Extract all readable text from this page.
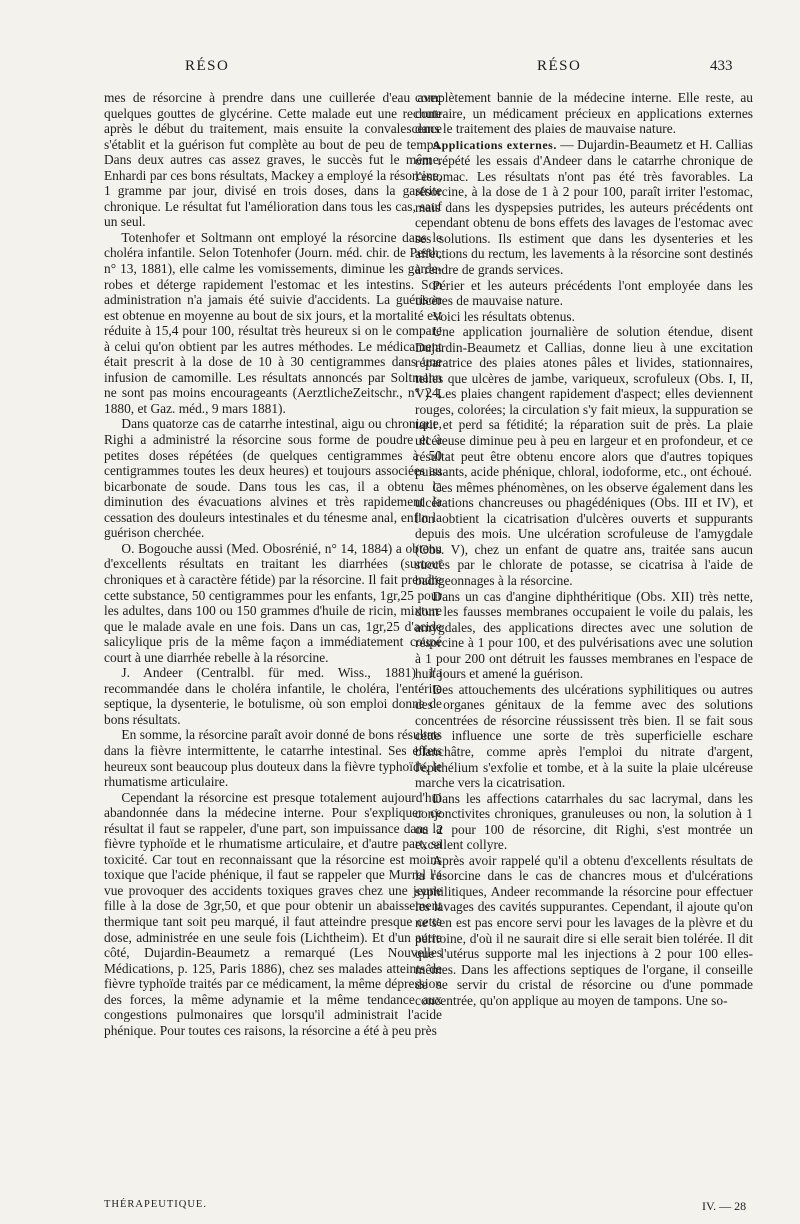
RÉSO	RÉSO	433

mes de résorcine à prendre dans une cuillerée d'eau avec quelques gouttes de glycérine. Cette malade eut une rechute après le début du traitement, mais ensuite la convalescence s'établit et la guérison fut complète au bout de peu de temps. Dans deux autres cas assez graves, le succès fut le même. Enhardi par ces bons résultats, Mackey a employé la résorcine, 1 gramme par jour, divisé en trois doses, dans la gastrite chronique. Le résultat fut l'amélioration dans tous les cas, sauf un seul.

Totenhofer et Soltmann ont employé la résorcine dans le choléra infantile. Selon Totenhofer (Journ. méd. chir. de Pesth, n° 13, 1881), elle calme les vomissements, diminue les garde-robes et déterge rapidement l'estomac et les intestins. Son administration n'a jamais été suivie d'accidents. La guérison est obtenue en moyenne au bout de six jours, et la mortalité est réduite à 15,4 pour 100, résultat très heureux si on le compare à celui qu'on obtient par les autres méthodes. Le médicament était prescrit à la dose de 10 à 30 centigrammes dans une infusion de camomille. Les résultats annoncés par Soltmann ne sont pas moins encourageants (AerztlicheZeitschr., n° 24, 1880, et Gaz. méd., 9 mars 1881).

Dans quatorze cas de catarrhe intestinal, aigu ou chronique, Righi a administré la résorcine sous forme de poudre et à petites doses répétées (de quelques centigrammes à 50 centigrammes toutes les deux heures) et toujours associées au bicarbonate de soude. Dans tous les cas, il a obtenu la diminution des évacuations alvines et très rapidement la cessation des douleurs intestinales et du ténesme anal, enfin la guérison cherchée.

O. Bogouche aussi (Med. Obosrénié, n° 14, 1884) a obtenu d'excellents résultats en traitant les diarrhées (surtout chroniques et à caractère fétide) par la résorcine. Il fait prendre cette substance, 50 centigrammes pour les enfants, 1gr,25 pour les adultes, dans 100 ou 150 grammes d'huile de ricin, mixture que le malade avale en une fois. Dans un cas, 1gr,25 d'acide salicylique pris de la même façon a immédiatement coupé court à une diarrhée rebelle à la résorcine.

J. Andeer (Centralbl. für med. Wiss., 1881) l'a recommandée dans le choléra infantile, le choléra, l'entérite septique, la dysenterie, le botulisme, où son emploi donne de bons résultats.

En somme, la résorcine paraît avoir donné de bons résultats dans la fièvre intermittente, le catarrhe intestinal. Ses effets heureux sont beaucoup plus douteux dans la fièvre typhoïde, le rhumatisme articulaire.

Cependant la résorcine est presque totalement aujourd'hui abandonnée dans la médecine interne. Pour s'expliquer ce résultat il faut se rappeler, d'une part, son impuissance dans la fièvre typhoïde et le rhumatisme articulaire, et d'autre part, sa toxicité. Car tout en reconnaissant que la résorcine est moins toxique que l'acide phénique, il faut se rappeler que Murrel l'a vue provoquer des accidents toxiques graves chez une jeune fille à la dose de 3gr,50, et que pour obtenir un abaissement thermique tant soit peu marqué, il faut atteindre presque cette dose, administrée en une seule fois (Lichtheim). Et d'un autre côté, Dujardin-Beaumetz a remarqué (Les Nouvelles Médications, p. 125, Paris 1886), chez ses malades atteints de fièvre typhoïde traités par ce médicament, la même dépression des forces, la même adynamie et la même tendance aux congestions pulmonaires que lorsqu'il administrait l'acide phénique. Pour toutes ces raisons, la résorcine a été à peu près

complètement bannie de la médecine interne. Elle reste, au contraire, un médicament précieux en applications externes dans le traitement des plaies de mauvaise nature.

Applications externes. — Dujardin-Beaumetz et H. Callias ont répété les essais d'Andeer dans le catarrhe chronique de l'estomac. Les résultats n'ont pas été très favorables. La résorcine, à la dose de 1 à 2 pour 100, paraît irriter l'estomac, mais dans les dyspepsies putrides, les auteurs précédents ont cependant obtenu de bons effets des lavages de l'estomac avec ses solutions. Ils estiment que dans les dysenteries et les affections du rectum, les lavements à la résorcine sont destinés à rendre de grands services.

Périer et les auteurs précédents l'ont employée dans les ulcères de mauvaise nature.

Voici les résultats obtenus.

Une application journalière de solution étendue, disent Dujardin-Beaumetz et Callias, donne lieu à une excitation réparatrice des plaies atones pâles et livides, stationnaires, telles que ulcères de jambe, variqueux, scrofuleux (Obs. I, II, V). Les plaies changent rapidement d'aspect; elles deviennent rouges, colorées; la circulation s'y fait mieux, la suppuration se tarit et perd sa fétidité; la réparation suit de près. La plaie ulcéreuse diminue peu à peu en largeur et en profondeur, et ce résultat peut être obtenu encore alors que d'autres topiques puissants, acide phénique, chloral, iodoforme, etc., ont échoué.

Ces mêmes phénomènes, on les observe également dans les ulcérations chancreuses ou phagédéniques (Obs. III et IV), et l'on obtient la cicatrisation d'ulcères ouverts et suppurants depuis des mois. Une ulcération scrofuleuse de l'amygdale (Obs. V), chez un enfant de quatre ans, traitée sans aucun succès par le chlorate de potasse, se cicatrisa à l'aide de badigeonnages à la résorcine.

Dans un cas d'angine diphthéritique (Obs. XII) très nette, dont les fausses membranes occupaient le voile du palais, les amygdales, des applications directes avec une solution de résorcine à 1 pour 100, et des pulvérisations avec une solution à 1 pour 200 ont détruit les fausses membranes en l'espace de huit jours et amené la guérison.

Des attouchements des ulcérations syphilitiques ou autres des organes génitaux de la femme avec des solutions concentrées de résorcine réussissent très bien. Il se fait sous cette influence une sorte de très superficielle eschare blanchâtre, comme après l'emploi du nitrate d'argent, l'épithélium s'exfolie et tombe, et à la suite la plaie ulcéreuse marche vers la cicatrisation.

Dans les affections catarrhales du sac lacrymal, dans les conjonctivites chroniques, granuleuses ou non, la solution à 1 ou 2 pour 100 de résorcine, dit Righi, s'est montrée un excellent collyre.

Après avoir rappelé qu'il a obtenu d'excellents résultats de la résorcine dans le cas de chancres mous et d'ulcérations syphilitiques, Andeer recommande la résorcine pour effectuer les lavages des cavités suppurantes. Cependant, il ajoute qu'on ne s'en est pas encore servi pour les lavages de la plèvre et du péritoine, d'où il ne saurait dire si elle serait bien tolérée. Il dit que l'utérus supporte mal les injections à 2 pour 100 elles-mêmes. Dans les affections septiques de l'organe, il conseille de se servir du cristal de résorcine ou d'une pommade concentrée, qu'on applique au moyen de tampons. Une so-

THÉRAPEUTIQUE.	IV. — 28
